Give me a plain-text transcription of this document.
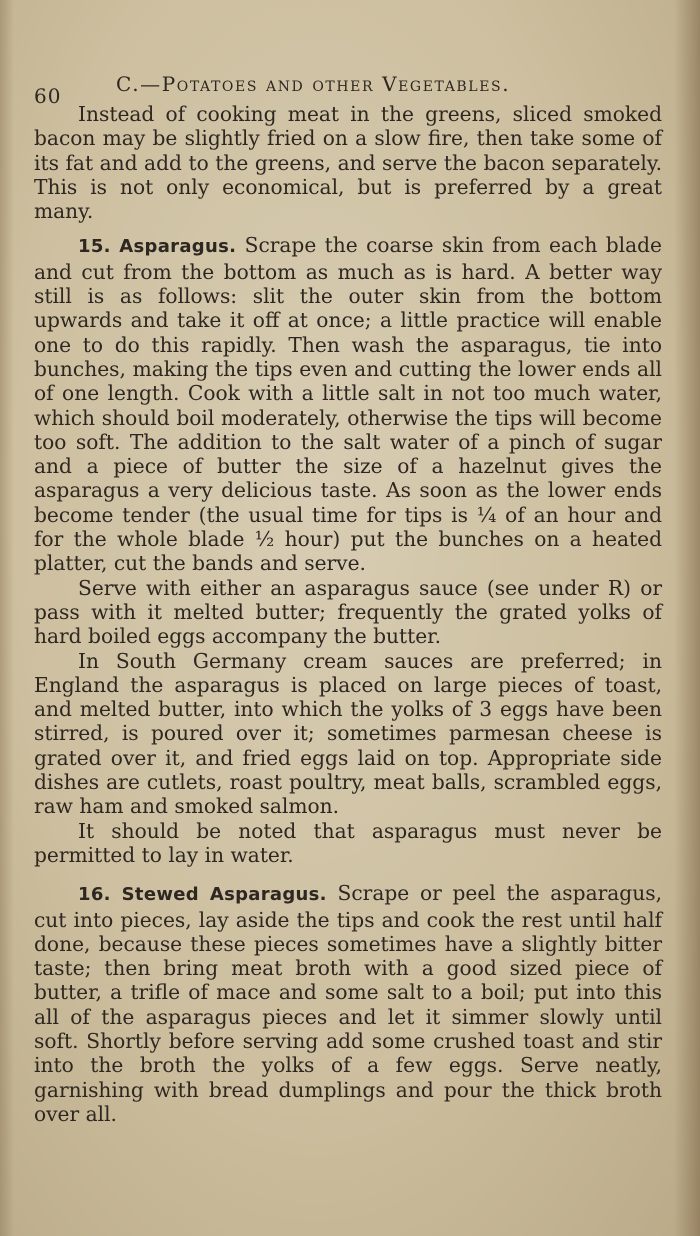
60	C.—Potatoes and other Vegetables.

Instead of cooking meat in the greens, sliced smoked bacon may be slightly fried on a slow fire, then take some of its fat and add to the greens, and serve the bacon separately. This is not only economical, but is preferred by a great many.

15. Asparagus. Scrape the coarse skin from each blade and cut from the bottom as much as is hard. A better way still is as follows: slit the outer skin from the bottom upwards and take it off at once; a little practice will enable one to do this rapidly. Then wash the asparagus, tie into bunches, making the tips even and cutting the lower ends all of one length. Cook with a little salt in not too much water, which should boil moderately, otherwise the tips will become too soft. The addition to the salt water of a pinch of sugar and a piece of butter the size of a hazelnut gives the asparagus a very delicious taste. As soon as the lower ends become tender (the usual time for tips is ¼ of an hour and for the whole blade ½ hour) put the bunches on a heated platter, cut the bands and serve.

Serve with either an asparagus sauce (see under R) or pass with it melted butter; frequently the grated yolks of hard boiled eggs accompany the butter.

In South Germany cream sauces are preferred; in England the asparagus is placed on large pieces of toast, and melted butter, into which the yolks of 3 eggs have been stirred, is poured over it; sometimes parmesan cheese is grated over it, and fried eggs laid on top. Appropriate side dishes are cutlets, roast poultry, meat balls, scrambled eggs, raw ham and smoked salmon.

It should be noted that asparagus must never be permitted to lay in water.

16. Stewed Asparagus. Scrape or peel the asparagus, cut into pieces, lay aside the tips and cook the rest until half done, because these pieces sometimes have a slightly bitter taste; then bring meat broth with a good sized piece of butter, a trifle of mace and some salt to a boil; put into this all of the asparagus pieces and let it simmer slowly until soft. Shortly before serving add some crushed toast and stir into the broth the yolks of a few eggs. Serve neatly, garnishing with bread dumplings and pour the thick broth over all.
